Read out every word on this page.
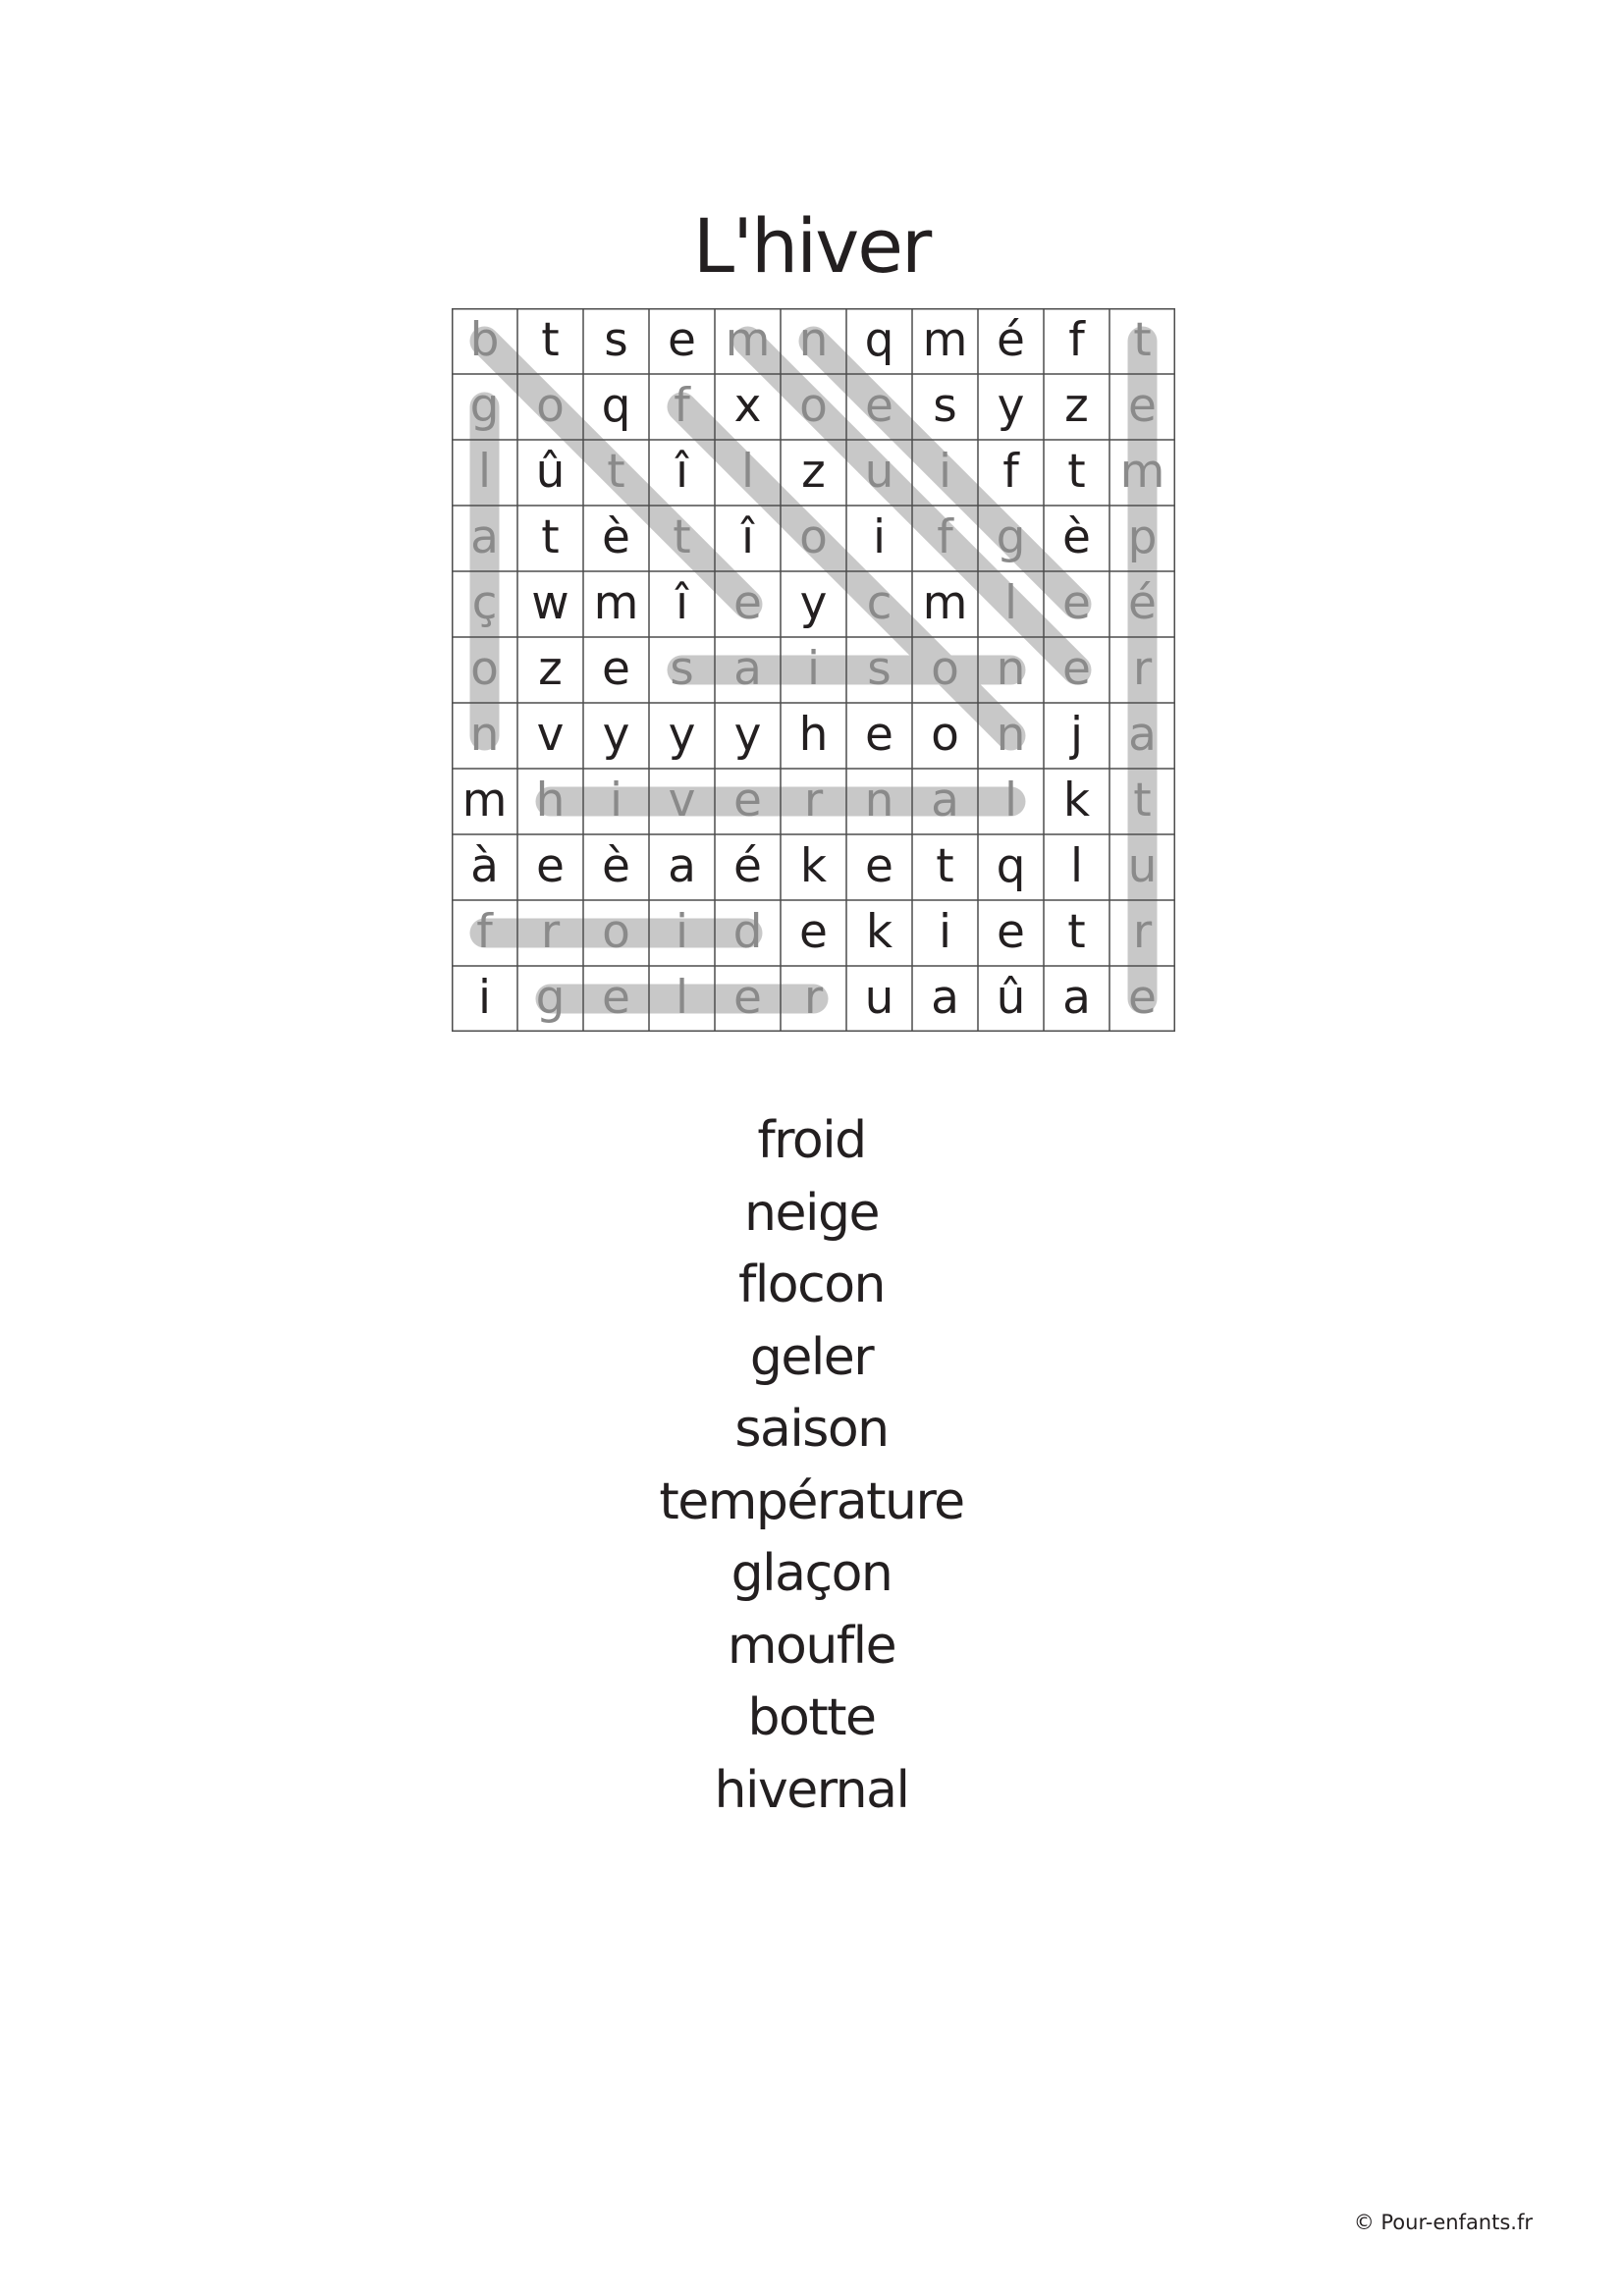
L'hiver
b t s e m n q m é f	t
g o q f x o e s y z e
l û t	î	l	z u i	f	t m
a t è t	î o i	f g è p
ç w m î e y c m l e é
o z e s a i	s o n e r
n v y y y h e o n j a
m h i v e r n a l k t
à e è a é k e t q l u
f	r o i d e k i e t	r
i g e l e r u a û a e
froid
neige
flocon
geler
saison
température
glaçon
moufle
botte
hivernal
© Pour-enfants.fr
